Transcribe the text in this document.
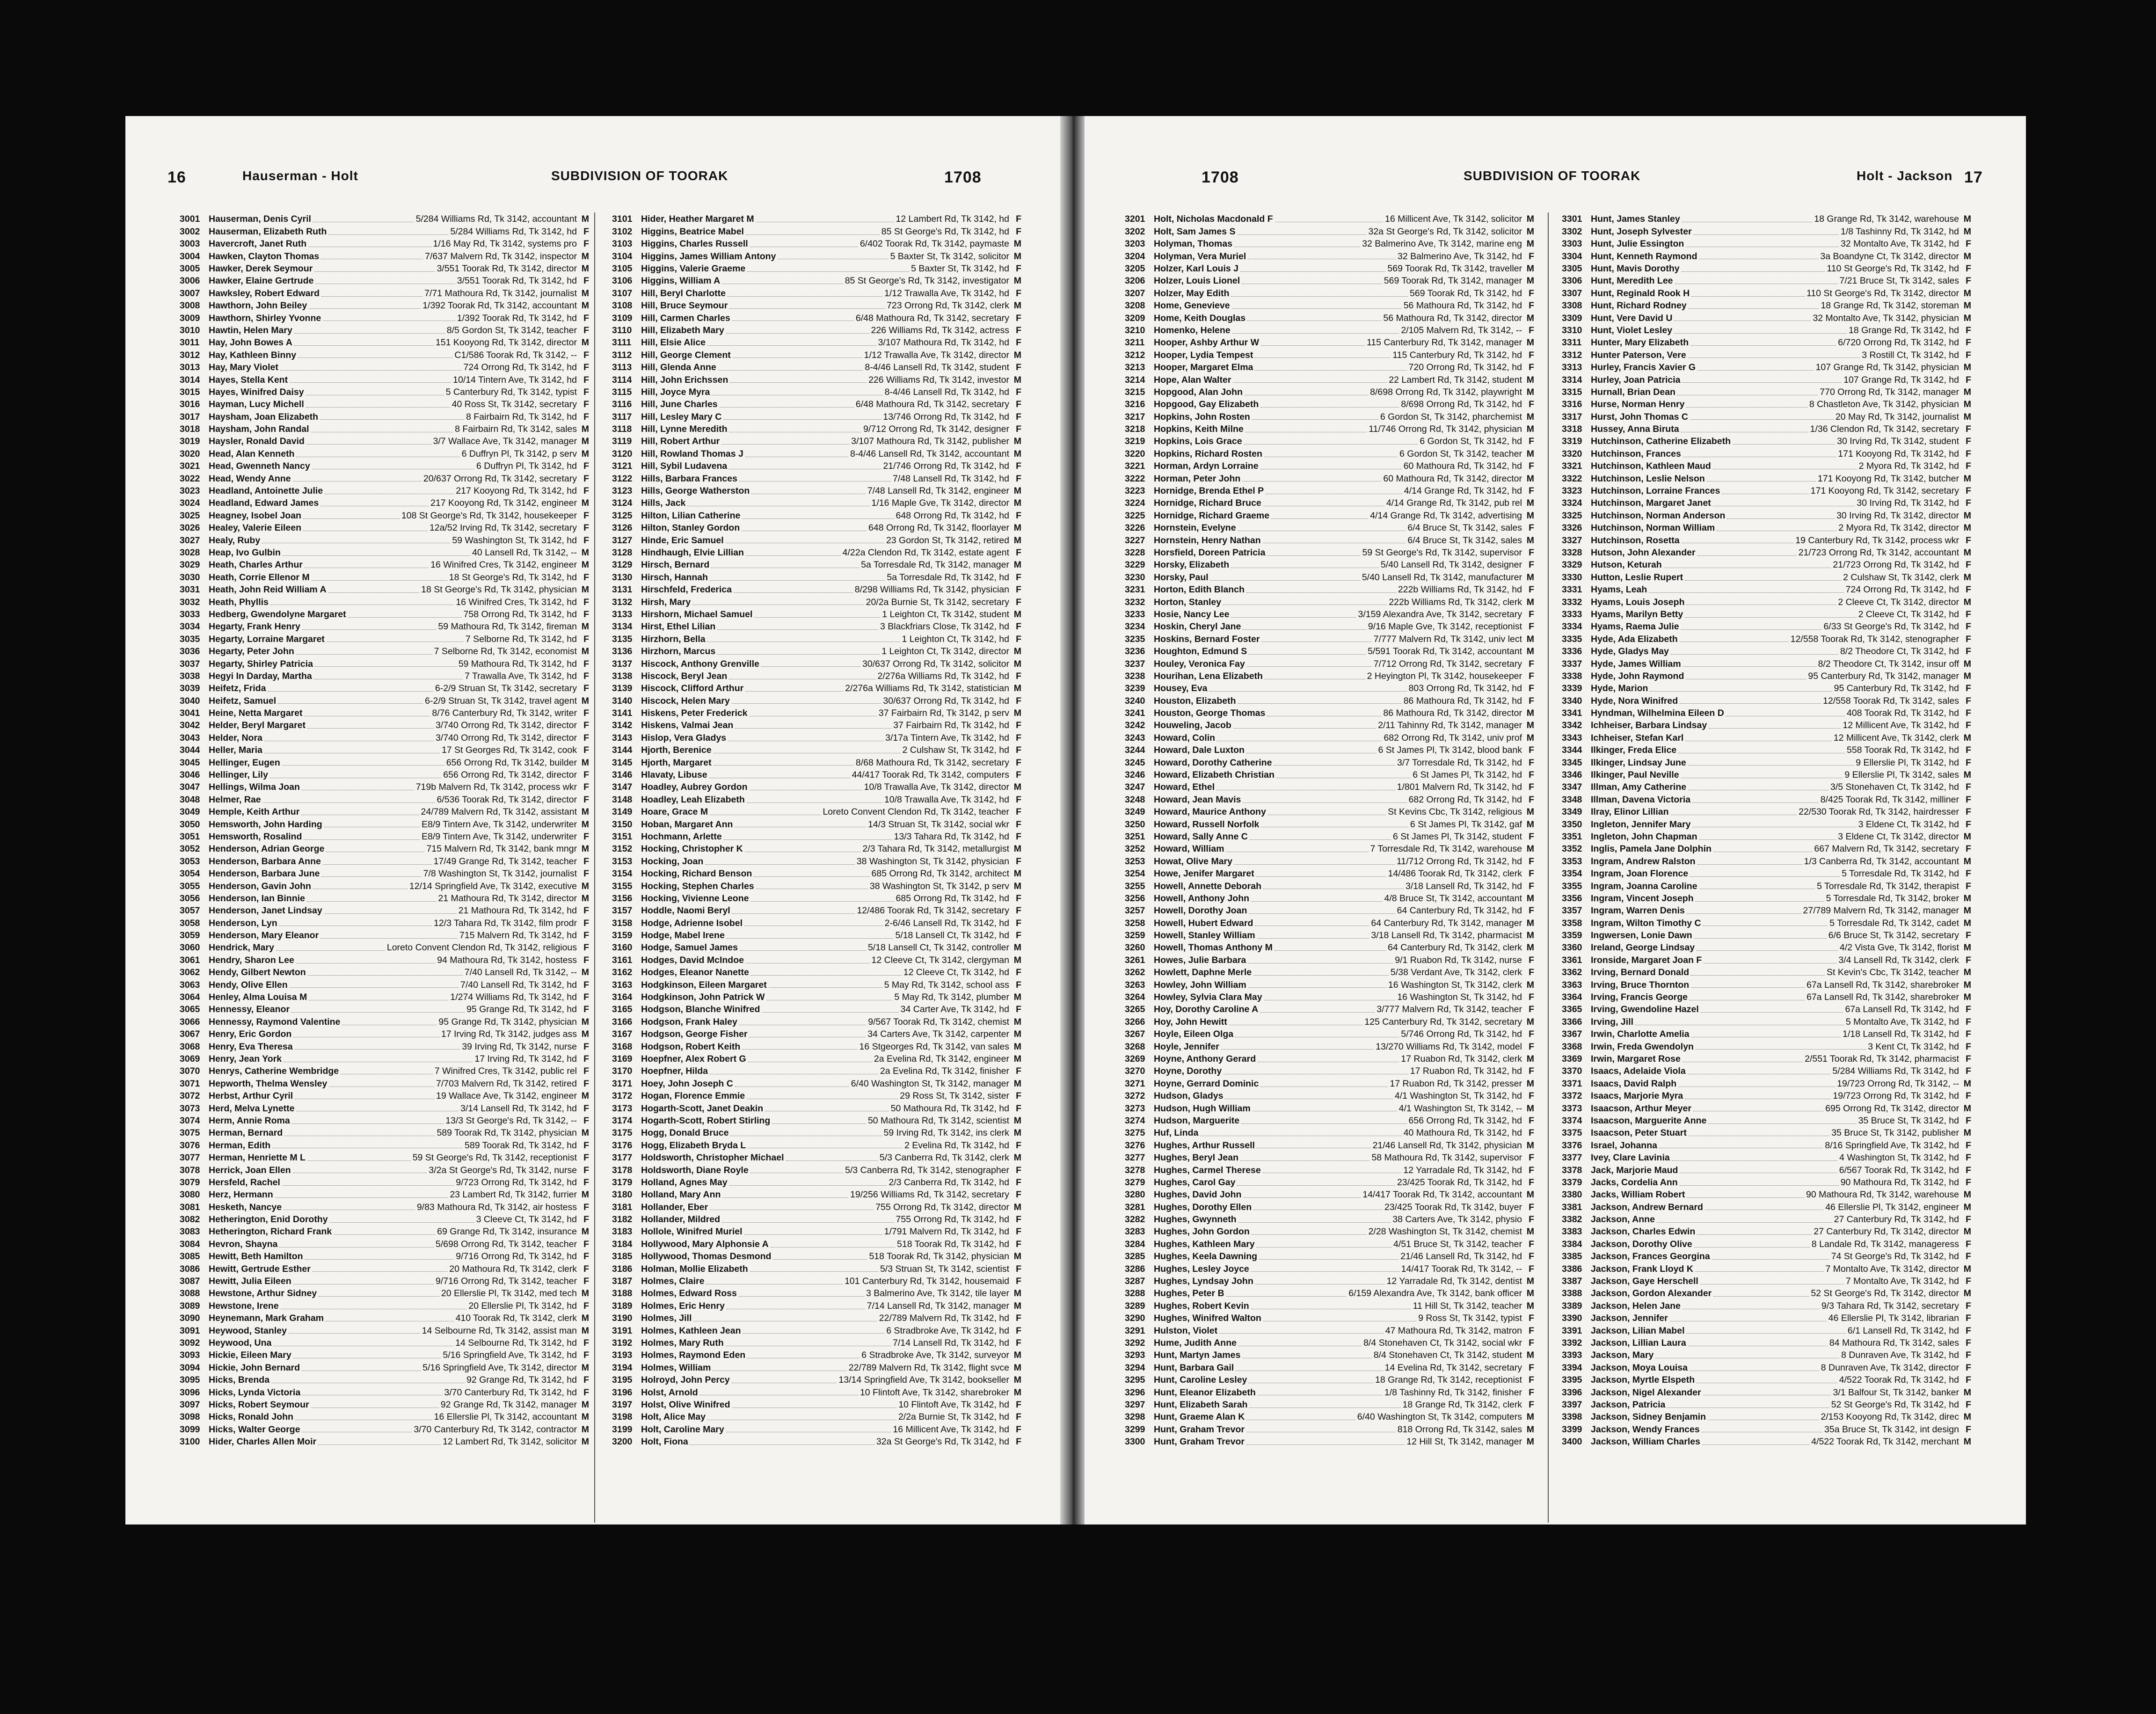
16	Hauserman - Holt	SUBDIVISION OF TOORAK	1708
3001 Hauserman, Denis Cyril	5/284 Williams Rd, Tk 3142, accountant M
3002 Hauserman, Elizabeth Ruth	5/284 Williams Rd, Tk 3142, hd F
3003 Havercroft, Janet Ruth	1/16 May Rd, Tk 3142, systems pro F
3004 Hawken, Clayton Thomas	7/637 Malvern Rd, Tk 3142, inspector M
3005 Hawker, Derek Seymour	3/551 Toorak Rd, Tk 3142, director M
3006 Hawker, Elaine Gertrude	3/551 Toorak Rd, Tk 3142, hd F
3007 Hawksley, Robert Edward	7/71 Mathoura Rd, Tk 3142, journalist M
3008 Hawthorn, John Beiley	1/392 Toorak Rd, Tk 3142, accountant M
3009 Hawthorn, Shirley Yvonne	1/392 Toorak Rd, Tk 3142, hd F
3010 Hawtin, Helen Mary	8/5 Gordon St, Tk 3142, teacher F
3011	Hay, John Bowes A	151 Kooyong Rd, Tk 3142, director M
3012 Hay, Kathleen Binny	C1/586 Toorak Rd, Tk 3142, -- F
3013 Hay, Mary Violet	724 Orrong Rd, Tk 3142, hd F
3014 Hayes, Stella Kent	10/14 Tintern Ave, Tk 3142, hd F
3015 Hayes, Winifred Daisy	5 Canterbury Rd, Tk 3142, typist F
3016 Hayman, Lucy Michell	40 Ross St, Tk 3142, secretary F
3017 Haysham, Joan Elizabeth	8 Fairbairn Rd, Tk 3142, hd F
3018 Haysham, John Randal	8 Fairbairn Rd, Tk 3142, sales M
3019 Haysler, Ronald David	3/7 Wallace Ave, Tk 3142, manager M
3020 Head, Alan Kenneth	6 Duffryn Pl, Tk 3142, p serv M
3021 Head, Gwenneth Nancy	6 Duffryn Pl, Tk 3142, hd F
3022 Head, Wendy Anne	20/637 Orrong Rd, Tk 3142, secretary F
3023 Headland, Antoinette Julie	217 Kooyong Rd, Tk 3142, hd F
3024 Headland, Edward James	217 Kooyong Rd, Tk 3142, engineer M
3025 Heagney, Isobel Joan	108 St George's Rd, Tk 3142, housekeeper F
3026 Healey, Valerie Eileen	12a/52 Irving Rd, Tk 3142, secretary F
3027 Healy, Ruby	59 Washington St, Tk 3142, hd F
3028 Heap, Ivo Gulbin	40 Lansell Rd, Tk 3142, -- M
3029 Heath, Charles Arthur	16 Winifred Cres, Tk 3142, engineer M
3030 Heath, Corrie Ellenor M	18 St George's Rd, Tk 3142, hd F
3031 Heath, John Reid William A	18 St George's Rd, Tk 3142, physician M
3032 Heath, Phyllis	16 Winifred Cres, Tk 3142, hd F
3033 Hedberg, Gwendolyne Margaret	758 Orrong Rd, Tk 3142, hd F
3034 Hegarty, Frank Henry	59 Mathoura Rd, Tk 3142, fireman M
3035 Hegarty, Lorraine Margaret	7 Selborne Rd, Tk 3142, hd F
3036 Hegarty, Peter John	7 Selborne Rd, Tk 3142, economist M
3037 Hegarty, Shirley Patricia	59 Mathoura Rd, Tk 3142, hd F
3038 Hegyi In Darday, Martha	7 Trawalla Ave, Tk 3142, hd F
3039 Heifetz, Frida	6-2/9 Struan St, Tk 3142, secretary F
3040 Heifetz, Samuel	6-2/9 Struan St, Tk 3142, travel agent M
3041 Heine, Netta Margaret	8/76 Canterbury Rd, Tk 3142, writer F
3042 Helder, Beryl Margaret	3/740 Orrong Rd, Tk 3142, director F
3043 Helder, Nora	3/740 Orrong Rd, Tk 3142, director F
3044 Heller, Maria	17 St Georges Rd, Tk 3142, cook F
3045 Hellinger, Eugen	656 Orrong Rd, Tk 3142, builder M
3046 Hellinger, Lily	656 Orrong Rd, Tk 3142, director F
3047 Hellings, Wilma Joan	719b Malvern Rd, Tk 3142, process wkr F
3048 Helmer, Rae	6/536 Toorak Rd, Tk 3142, director F
3049 Hemple, Keith Arthur	24/789 Malvern Rd, Tk 3142, assistant M
3050 Hemsworth, John Harding	E8/9 Tintern Ave, Tk 3142, underwriter M
3051 Hemsworth, Rosalind	E8/9 Tintern Ave, Tk 3142, underwriter F
3052 Henderson, Adrian George	715 Malvern Rd, Tk 3142, bank mngr M
3053 Henderson, Barbara Anne	17/49 Grange Rd, Tk 3142, teacher F
3054 Henderson, Barbara June	7/8 Washington St, Tk 3142, journalist F
3055 Henderson, Gavin John	12/14 Springfield Ave, Tk 3142, executive M
3056 Henderson, Ian Binnie	21 Mathoura Rd, Tk 3142, director M
3057 Henderson, Janet Lindsay	21 Mathoura Rd, Tk 3142, hd F
3058 Henderson, Lyn	12/3 Tahara Rd, Tk 3142, film prodr F
3059 Henderson, Mary Eleanor	715 Malvern Rd, Tk 3142, hd F
3060 Hendrick, Mary	Loreto Convent Clendon Rd, Tk 3142, religious F
3061 Hendry, Sharon Lee	94 Mathoura Rd, Tk 3142, hostess F
3062 Hendy, Gilbert Newton	7/40 Lansell Rd, Tk 3142, -- M
3063 Hendy, Olive Ellen	7/40 Lansell Rd, Tk 3142, hd F
3064 Henley, Alma Louisa M	1/274 Williams Rd, Tk 3142, hd F
3065 Hennessy, Eleanor	95 Grange Rd, Tk 3142, hd F
3066 Hennessy, Raymond Valentine	95 Grange Rd, Tk 3142, physician M
3067 Henry, Eric Gordon	17 Irving Rd, Tk 3142, judges ass M
3068 Henry, Eva Theresa	39 Irving Rd, Tk 3142, nurse F
3069 Henry, Jean York	17 Irving Rd, Tk 3142, hd F
3070 Henrys, Catherine Wembridge	7 Winifred Cres, Tk 3142, public rel F
3071 Hepworth, Thelma Wensley	7/703 Malvern Rd, Tk 3142, retired F
3072 Herbst, Arthur Cyril	19 Wallace Ave, Tk 3142, engineer M
3073 Herd, Melva Lynette	3/14 Lansell Rd, Tk 3142, hd F
3074 Herm, Annie Roma	13/3 St George's Rd, Tk 3142, -- F
3075 Herman, Bernard	589 Toorak Rd, Tk 3142, physician M
3076 Herman, Edith	589 Toorak Rd, Tk 3142, hd F
3077 Herman, Henriette M L	59 St George's Rd, Tk 3142, receptionist F
3078 Herrick, Joan Ellen	3/2a St George's Rd, Tk 3142, nurse F
3079 Hersfeld, Rachel	9/723 Orrong Rd, Tk 3142, hd F
3080 Herz, Hermann	23 Lambert Rd, Tk 3142, furrier M
3081 Hesketh, Nancye	9/83 Mathoura Rd, Tk 3142, air hostess F
3082 Hetherington, Enid Dorothy	3 Cleeve Ct, Tk 3142, hd F
3083 Hetherington, Richard Frank	69 Grange Rd, Tk 3142, insurance M
3084 Hevron, Shayna	5/698 Orrong Rd, Tk 3142, teacher F
3085 Hewitt, Beth Hamilton	9/716 Orrong Rd, Tk 3142, hd F
3086 Hewitt, Gertrude Esther	20 Mathoura Rd, Tk 3142, clerk F
3087 Hewitt, Julia Eileen	9/716 Orrong Rd, Tk 3142, teacher F
3088 Hewstone, Arthur Sidney	20 Ellerslie Pl, Tk 3142, med tech M
3089 Hewstone, Irene	20 Ellerslie Pl, Tk 3142, hd F
3090 Heynemann, Mark Graham	410 Toorak Rd, Tk 3142, clerk M
3091 Heywood, Stanley	14 Selbourne Rd, Tk 3142, assist man M
3092 Heywood, Una	14 Selbourne Rd, Tk 3142, hd F
3093 Hickie, Eileen Mary	5/16 Springfield Ave, Tk 3142, hd F
3094 Hickie, John Bernard	5/16 Springfield Ave, Tk 3142, director M
3095 Hicks, Brenda	92 Grange Rd, Tk 3142, hd F
3096 Hicks, Lynda Victoria	3/70 Canterbury Rd, Tk 3142, hd F
3097 Hicks, Robert Seymour	92 Grange Rd, Tk 3142, manager M
3098 Hicks, Ronald John	16 Ellerslie Pl, Tk 3142, accountant M
3099 Hicks, Walter George	3/70 Canterbury Rd, Tk 3142, contractor M
3100 Hider, Charles Allen Moir	12 Lambert Rd, Tk 3142, solicitor M
3101 Hider, Heather Margaret M	12 Lambert Rd, Tk 3142, hd F
3102 Higgins, Beatrice Mabel	85 St George's Rd, Tk 3142, hd F
3103 Higgins, Charles Russell	6/402 Toorak Rd, Tk 3142, paymaste M
3104 Higgins, James William Antony	5 Baxter St, Tk 3142, solicitor M
3105 Higgins, Valerie Graeme	5 Baxter St, Tk 3142, hd F
3106 Higgins, William A	85 St George's Rd, Tk 3142, investigator M
3107 Hill, Beryl Charlotte	1/12 Trawalla Ave, Tk 3142, hd F
3108 Hill, Bruce Seymour	723 Orrong Rd, Tk 3142, clerk M
3109 Hill, Carmen Charles	6/48 Mathoura Rd, Tk 3142, secretary F
3110	Hill, Elizabeth Mary	226 Williams Rd, Tk 3142, actress F
3111	Hill, Elsie Alice	3/107 Mathoura Rd, Tk 3142, hd F
3112	Hill, George Clement	1/12 Trawalla Ave, Tk 3142, director M
3113	Hill, Glenda Anne	8-4/46 Lansell Rd, Tk 3142, student F
3114	Hill, John Erichssen	226 Williams Rd, Tk 3142, investor M
3115	Hill, Joyce Myra	8-4/46 Lansell Rd, Tk 3142, hd F
3116	Hill, June Charles	6/48 Mathoura Rd, Tk 3142, secretary F
3117	Hill, Lesley Mary C	13/746 Orrong Rd, Tk 3142, hd F
3118	Hill, Lynne Meredith	9/712 Orrong Rd, Tk 3142, designer F
3119	Hill, Robert Arthur	3/107 Mathoura Rd, Tk 3142, publisher M
3120 Hill, Rowland Thomas J	8-4/46 Lansell Rd, Tk 3142, accountant M
3121 Hill, Sybil Ludavena	21/746 Orrong Rd, Tk 3142, hd F
3122 Hills, Barbara Frances	7/48 Lansell Rd, Tk 3142, hd F
3123 Hills, George Watherston	7/48 Lansell Rd, Tk 3142, engineer M
3124 Hills, Jack	1/16 Maple Gve, Tk 3142, director M
3125 Hilton, Lilian Catherine	648 Orrong Rd, Tk 3142, hd F
3126 Hilton, Stanley Gordon	648 Orrong Rd, Tk 3142, floorlayer M
3127 Hinde, Eric Samuel	23 Gordon St, Tk 3142, retired M
3128 Hindhaugh, Elvie Lillian	4/22a Clendon Rd, Tk 3142, estate agent F
3129 Hirsch, Bernard	5a Torresdale Rd, Tk 3142, manager M
3130 Hirsch, Hannah	5a Torresdale Rd, Tk 3142, hd F
3131 Hirschfeld, Frederica	8/298 Williams Rd, Tk 3142, physician F
3132 Hirsh, Mary	20/2a Burnie St, Tk 3142, secretary F
3133 Hirshorn, Michael Samuel	1 Leighton Ct, Tk 3142, student M
3134 Hirst, Ethel Lilian	3 Blackfriars Close, Tk 3142, hd F
3135 Hirzhorn, Bella	1 Leighton Ct, Tk 3142, hd F
3136 Hirzhorn, Marcus	1 Leighton Ct, Tk 3142, director M
3137 Hiscock, Anthony Grenville	30/637 Orrong Rd, Tk 3142, solicitor M
3138 Hiscock, Beryl Jean	2/276a Williams Rd, Tk 3142, hd F
3139 Hiscock, Clifford Arthur	2/276a Williams Rd, Tk 3142, statistician M
3140 Hiscock, Helen Mary	30/637 Orrong Rd, Tk 3142, hd F
3141 Hiskens, Peter Frederick	37 Fairbairn Rd, Tk 3142, p serv M
3142 Hiskens, Valmai Jean	37 Fairbairn Rd, Tk 3142, hd F
3143 Hislop, Vera Gladys	3/17a Tintern Ave, Tk 3142, hd F
3144 Hjorth, Berenice	2 Culshaw St, Tk 3142, hd F
3145 Hjorth, Margaret	8/68 Mathoura Rd, Tk 3142, secretary F
3146 Hlavaty, Libuse	44/417 Toorak Rd, Tk 3142, computers F
3147 Hoadley, Aubrey Gordon	10/8 Trawalla Ave, Tk 3142, director M
3148 Hoadley, Leah Elizabeth	10/8 Trawalla Ave, Tk 3142, hd F
3149 Hoare, Grace M	Loreto Convent Clendon Rd, Tk 3142, teacher F
3150 Hoban, Margaret Ann	14/3 Struan St, Tk 3142, social wkr F
3151 Hochmann, Arlette	13/3 Tahara Rd, Tk 3142, hd F
3152 Hocking, Christopher K	2/3 Tahara Rd, Tk 3142, metallurgist M
3153 Hocking, Joan	38 Washington St, Tk 3142, physician F
3154 Hocking, Richard Benson	685 Orrong Rd, Tk 3142, architect M
3155 Hocking, Stephen Charles	38 Washington St, Tk 3142, p serv M
3156 Hocking, Vivienne Leone	685 Orrong Rd, Tk 3142, hd F
3157 Hoddle, Naomi Beryl	12/486 Toorak Rd, Tk 3142, secretary F
3158 Hodge, Adrienne Isobel	2-6/46 Lansell Rd, Tk 3142, hd F
3159 Hodge, Mabel Irene	5/18 Lansell Ct, Tk 3142, hd F
3160 Hodge, Samuel James	5/18 Lansell Ct, Tk 3142, controller M
3161 Hodges, David McIndoe	12 Cleeve Ct, Tk 3142, clergyman M
3162 Hodges, Eleanor Nanette	12 Cleeve Ct, Tk 3142, hd F
3163 Hodgkinson, Eileen Margaret	5 May Rd, Tk 3142, school ass F
3164 Hodgkinson, John Patrick W	5 May Rd, Tk 3142, plumber M
3165 Hodgson, Blanche Winifred	34 Carter Ave, Tk 3142, hd F
3166 Hodgson, Frank Haley	9/567 Toorak Rd, Tk 3142, chemist M
3167 Hodgson, George Fisher	34 Carters Ave, Tk 3142, carpenter M
3168 Hodgson, Robert Keith	16 Stgeorges Rd, Tk 3142, van sales M
3169 Hoepfner, Alex Robert G	2a Evelina Rd, Tk 3142, engineer M
3170 Hoepfner, Hilda	2a Evelina Rd, Tk 3142, finisher F
3171 Hoey, John Joseph C	6/40 Washington St, Tk 3142, manager M
3172 Hogan, Florence Emmie	29 Ross St, Tk 3142, sister F
3173 Hogarth-Scott, Janet Deakin	50 Mathoura Rd, Tk 3142, hd F
3174 Hogarth-Scott, Robert Stirling	50 Mathoura Rd, Tk 3142, scientist M
3175 Hogg, Donald Bruce	59 Irving Rd, Tk 3142, ins clerk M
3176 Hogg, Elizabeth Bryda L	2 Evelina Rd, Tk 3142, hd F
3177 Holdsworth, Christopher Michael	5/3 Canberra Rd, Tk 3142, clerk M
3178 Holdsworth, Diane Royle	5/3 Canberra Rd, Tk 3142, stenographer F
3179 Holland, Agnes May	2/3 Canberra Rd, Tk 3142, hd F
3180 Holland, Mary Ann	19/256 Williams Rd, Tk 3142, secretary F
3181 Hollander, Eber	755 Orrong Rd, Tk 3142, director M
3182 Hollander, Mildred	755 Orrong Rd, Tk 3142, hd F
3183 Hollole, Winifred Muriel	1/791 Malvern Rd, Tk 3142, hd F
3184 Hollywood, Mary Alphonsie A	518 Toorak Rd, Tk 3142, hd F
3185 Hollywood, Thomas Desmond	518 Toorak Rd, Tk 3142, physician M
3186 Holman, Mollie Elizabeth	5/3 Struan St, Tk 3142, scientist F
3187 Holmes, Claire	101 Canterbury Rd, Tk 3142, housemaid F
3188 Holmes, Edward Ross	3 Balmerino Ave, Tk 3142, tile layer M
3189 Holmes, Eric Henry	7/14 Lansell Rd, Tk 3142, manager M
3190 Holmes, Jill	22/789 Malvern Rd, Tk 3142, hd F
3191 Holmes, Kathleen Jean	6 Stradbroke Ave, Tk 3142, hd F
3192 Holmes, Mary Ruth	7/14 Lansell Rd, Tk 3142, hd F
3193 Holmes, Raymond Eden	6 Stradbroke Ave, Tk 3142, surveyor M
3194 Holmes, William	22/789 Malvern Rd, Tk 3142, flight svce M
3195 Holroyd, John Percy	13/14 Springfield Ave, Tk 3142, bookseller M
3196 Holst, Arnold	10 Flintoft Ave, Tk 3142, sharebroker M
3197 Holst, Olive Winifred	10 Flintoft Ave, Tk 3142, hd F
3198 Holt, Alice May	2/2a Burnie St, Tk 3142, hd F
3199 Holt, Caroline Mary	16 Millicent Ave, Tk 3142, hd F
3200 Holt, Fiona	32a St George's Rd, Tk 3142, hd F
1708	SUBDIVISION OF TOORAK	Holt - Jackson 17
3201 Holt, Nicholas Macdonald F	16 Millicent Ave, Tk 3142, solicitor M
3202 Holt, Sam James S	32a St George's Rd, Tk 3142, solicitor M
3203 Holyman, Thomas	32 Balmerino Ave, Tk 3142, marine eng M
3204 Holyman, Vera Muriel	32 Balmerino Ave, Tk 3142, hd F
3205 Holzer, Karl Louis J	569 Toorak Rd, Tk 3142, traveller M
3206 Holzer, Louis Lionel	569 Toorak Rd, Tk 3142, manager M
3207 Holzer, May Edith	569 Toorak Rd, Tk 3142, hd F
3208 Home, Genevieve	56 Mathoura Rd, Tk 3142, hd F
3209 Home, Keith Douglas	56 Mathoura Rd, Tk 3142, director M
3210 Homenko, Helene	2/105 Malvern Rd, Tk 3142, -- F
3211	Hooper, Ashby Arthur W	115 Canterbury Rd, Tk 3142, manager M
3212 Hooper, Lydia Tempest	115 Canterbury Rd, Tk 3142, hd F
3213 Hooper, Margaret Elma	720 Orrong Rd, Tk 3142, hd F
3214 Hope, Alan Walter	22 Lambert Rd, Tk 3142, student M
3215 Hopgood, Alan John	8/698 Orrong Rd, Tk 3142, playwright M
3216 Hopgood, Gay Elizabeth	8/698 Orrong Rd, Tk 3142, hd F
3217 Hopkins, John Rosten	6 Gordon St, Tk 3142, pharchemist M
3218 Hopkins, Keith Milne	11/746 Orrong Rd, Tk 3142, physician M
3219 Hopkins, Lois Grace	6 Gordon St, Tk 3142, hd F
3220 Hopkins, Richard Rosten	6 Gordon St, Tk 3142, teacher M
3221 Horman, Ardyn Lorraine	60 Mathoura Rd, Tk 3142, hd F
3222 Horman, Peter John	60 Mathoura Rd, Tk 3142, director M
3223 Hornidge, Brenda Ethel P	4/14 Grange Rd, Tk 3142, hd F
3224 Hornidge, Richard Bruce	4/14 Grange Rd, Tk 3142, pub rel M
3225 Hornidge, Richard Graeme	4/14 Grange Rd, Tk 3142, advertising M
3226 Hornstein, Evelyne	6/4 Bruce St, Tk 3142, sales F
3227 Hornstein, Henry Nathan	6/4 Bruce St, Tk 3142, sales M
3228 Horsfield, Doreen Patricia	59 St George's Rd, Tk 3142, supervisor F
3229 Horsky, Elizabeth	5/40 Lansell Rd, Tk 3142, designer F
3230 Horsky, Paul	5/40 Lansell Rd, Tk 3142, manufacturer M
3231 Horton, Edith Blanch	222b Williams Rd, Tk 3142, hd F
3232 Horton, Stanley	222b Williams Rd, Tk 3142, clerk M
3233 Hosie, Nancy Lee	3/159 Alexandra Ave, Tk 3142, secretary F
3234 Hoskin, Cheryl Jane	9/16 Maple Gve, Tk 3142, receptionist F
3235 Hoskins, Bernard Foster	7/777 Malvern Rd, Tk 3142, univ lect M
3236 Houghton, Edmund S	5/591 Toorak Rd, Tk 3142, accountant M
3237 Houley, Veronica Fay	7/712 Orrong Rd, Tk 3142, secretary F
3238 Hourihan, Lena Elizabeth	2 Heyington Pl, Tk 3142, housekeeper F
3239 Housey, Eva	803 Orrong Rd, Tk 3142, hd F
3240 Houston, Elizabeth	86 Mathoura Rd, Tk 3142, hd F
3241 Houston, George Thomas	86 Mathoura Rd, Tk 3142, director M
3242 Houweling, Jacob	2/11 Tahinny Rd, Tk 3142, manager M
3243 Howard, Colin	682 Orrong Rd, Tk 3142, univ prof M
3244 Howard, Dale Luxton	6 St James Pl, Tk 3142, blood bank F
3245 Howard, Dorothy Catherine	3/7 Torresdale Rd, Tk 3142, hd F
3246 Howard, Elizabeth Christian	6 St James Pl, Tk 3142, hd F
3247 Howard, Ethel	1/801 Malvern Rd, Tk 3142, hd F
3248 Howard, Jean Mavis	682 Orrong Rd, Tk 3142, hd F
3249 Howard, Maurice Anthony	St Kevins Cbc, Tk 3142, religious M
3250 Howard, Russell Norfolk	6 St James Pl, Tk 3142, gaf M
3251 Howard, Sally Anne C	6 St James Pl, Tk 3142, student F
3252 Howard, William	7 Torresdale Rd, Tk 3142, warehouse M
3253 Howat, Olive Mary	11/712 Orrong Rd, Tk 3142, hd F
3254 Howe, Jenifer Margaret	14/486 Toorak Rd, Tk 3142, clerk F
3255 Howell, Annette Deborah	3/18 Lansell Rd, Tk 3142, hd F
3256 Howell, Anthony John	4/8 Bruce St, Tk 3142, accountant M
3257 Howell, Dorothy Joan	64 Canterbury Rd, Tk 3142, hd F
3258 Howell, Hubert Edward	64 Canterbury Rd, Tk 3142, manager M
3259 Howell, Stanley William	3/18 Lansell Rd, Tk 3142, pharmacist M
3260 Howell, Thomas Anthony M	64 Canterbury Rd, Tk 3142, clerk M
3261 Howes, Julie Barbara	9/1 Ruabon Rd, Tk 3142, nurse F
3262 Howlett, Daphne Merle	5/38 Verdant Ave, Tk 3142, clerk F
3263 Howley, John William	16 Washington St, Tk 3142, clerk M
3264 Howley, Sylvia Clara May	16 Washington St, Tk 3142, hd F
3265 Hoy, Dorothy Caroline A	3/777 Malvern Rd, Tk 3142, teacher F
3266 Hoy, John Hewitt	125 Canterbury Rd, Tk 3142, secretary M
3267 Hoyle, Eileen Olga	5/746 Orrong Rd, Tk 3142, hd F
3268 Hoyle, Jennifer	13/270 Williams Rd, Tk 3142, model F
3269 Hoyne, Anthony Gerard	17 Ruabon Rd, Tk 3142, clerk M
3270 Hoyne, Dorothy	17 Ruabon Rd, Tk 3142, hd F
3271 Hoyne, Gerrard Dominic	17 Ruabon Rd, Tk 3142, presser M
3272 Hudson, Gladys	4/1 Washington St, Tk 3142, hd F
3273 Hudson, Hugh William	4/1 Washington St, Tk 3142, -- M
3274 Hudson, Marguerite	656 Orrong Rd, Tk 3142, hd F
3275 Huf, Linda	40 Mathoura Rd, Tk 3142, hd F
3276 Hughes, Arthur Russell	21/46 Lansell Rd, Tk 3142, physician M
3277 Hughes, Beryl Jean	58 Mathoura Rd, Tk 3142, supervisor F
3278 Hughes, Carmel Therese	12 Yarradale Rd, Tk 3142, hd F
3279 Hughes, Carol Gay	23/425 Toorak Rd, Tk 3142, hd F
3280 Hughes, David John	14/417 Toorak Rd, Tk 3142, accountant M
3281 Hughes, Dorothy Ellen	23/425 Toorak Rd, Tk 3142, buyer F
3282 Hughes, Gwynneth	38 Carters Ave, Tk 3142, physio F
3283 Hughes, John Gordon	2/28 Washington St, Tk 3142, chemist M
3284 Hughes, Kathleen Mary	4/51 Bruce St, Tk 3142, teacher F
3285 Hughes, Keela Dawning	21/46 Lansell Rd, Tk 3142, hd F
3286 Hughes, Lesley Joyce	14/417 Toorak Rd, Tk 3142, -- F
3287 Hughes, Lyndsay John	12 Yarradale Rd, Tk 3142, dentist M
3288 Hughes, Peter B	6/159 Alexandra Ave, Tk 3142, bank officer M
3289 Hughes, Robert Kevin	11 Hill St, Tk 3142, teacher M
3290 Hughes, Winifred Walton	9 Ross St, Tk 3142, typist F
3291 Hulston, Violet	47 Mathoura Rd, Tk 3142, matron F
3292 Hume, Judith Anne	8/4 Stonehaven Ct, Tk 3142, social wkr F
3293 Hunt, Martyn James	8/4 Stonehaven Ct, Tk 3142, student M
3294 Hunt, Barbara Gail	14 Evelina Rd, Tk 3142, secretary F
3295 Hunt, Caroline Lesley	18 Grange Rd, Tk 3142, receptionist F
3296 Hunt, Eleanor Elizabeth	1/8 Tashinny Rd, Tk 3142, finisher F
3297 Hunt, Elizabeth Sarah	18 Grange Rd, Tk 3142, clerk F
3298 Hunt, Graeme Alan K	6/40 Washington St, Tk 3142, computers M
3299 Hunt, Graham Trevor	818 Orrong Rd, Tk 3142, sales M
3300 Hunt, Graham Trevor	12 Hill St, Tk 3142, manager M
3301 Hunt, James Stanley	18 Grange Rd, Tk 3142, warehouse M
3302 Hunt, Joseph Sylvester	1/8 Tashinny Rd, Tk 3142, hd M
3303 Hunt, Julie Essington	32 Montalto Ave, Tk 3142, hd F
3304 Hunt, Kenneth Raymond	3a Boandyne Ct, Tk 3142, director M
3305 Hunt, Mavis Dorothy	110 St George's Rd, Tk 3142, hd F
3306 Hunt, Meredith Lee	7/21 Bruce St, Tk 3142, sales F
3307 Hunt, Reginald Rook H	110 St George's Rd, Tk 3142, director M
3308 Hunt, Richard Rodney	18 Grange Rd, Tk 3142, storeman M
3309 Hunt, Vere David U	32 Montalto Ave, Tk 3142, physician M
3310 Hunt, Violet Lesley	18 Grange Rd, Tk 3142, hd F
3311	Hunter, Mary Elizabeth	6/720 Orrong Rd, Tk 3142, hd F
3312 Hunter Paterson, Vere	3 Rostill Ct, Tk 3142, hd F
3313 Hurley, Francis Xavier G	107 Grange Rd, Tk 3142, physician M
3314 Hurley, Joan Patricia	107 Grange Rd, Tk 3142, hd F
3315 Hurnall, Brian Dean	770 Orrong Rd, Tk 3142, manager M
3316 Hurse, Norman Henry	8 Chastleton Ave, Tk 3142, physician M
3317 Hurst, John Thomas C	20 May Rd, Tk 3142, journalist M
3318 Hussey, Anna Biruta	1/36 Clendon Rd, Tk 3142, secretary F
3319 Hutchinson, Catherine Elizabeth	30 Irving Rd, Tk 3142, student F
3320 Hutchinson, Frances	171 Kooyong Rd, Tk 3142, hd F
3321 Hutchinson, Kathleen Maud	2 Myora Rd, Tk 3142, hd F
3322 Hutchinson, Leslie Nelson	171 Kooyong Rd, Tk 3142, butcher M
3323 Hutchinson, Lorraine Frances	171 Kooyong Rd, Tk 3142, secretary F
3324 Hutchinson, Margaret Janet	30 Irving Rd, Tk 3142, hd F
3325 Hutchinson, Norman Anderson	30 Irving Rd, Tk 3142, director M
3326 Hutchinson, Norman William	2 Myora Rd, Tk 3142, director M
3327 Hutchinson, Rosetta	19 Canterbury Rd, Tk 3142, process wkr F
3328 Hutson, John Alexander	21/723 Orrong Rd, Tk 3142, accountant M
3329 Hutson, Keturah	21/723 Orrong Rd, Tk 3142, hd F
3330 Hutton, Leslie Rupert	2 Culshaw St, Tk 3142, clerk M
3331 Hyams, Leah	724 Orrong Rd, Tk 3142, hd F
3332 Hyams, Louis Joseph	2 Cleeve Ct, Tk 3142, director M
3333 Hyams, Marilyn Betty	2 Cleeve Ct, Tk 3142, hd F
3334 Hyams, Raema Julie	6/33 St George's Rd, Tk 3142, hd F
3335 Hyde, Ada Elizabeth	12/558 Toorak Rd, Tk 3142, stenographer F
3336 Hyde, Gladys May	8/2 Theodore Ct, Tk 3142, hd F
3337 Hyde, James William	8/2 Theodore Ct, Tk 3142, insur off M
3338 Hyde, John Raymond	95 Canterbury Rd, Tk 3142, manager M
3339 Hyde, Marion	95 Canterbury Rd, Tk 3142, hd F
3340 Hyde, Nora Winifred	12/558 Toorak Rd, Tk 3142, sales F
3341 Hyndman, Wilhelmina Eileen D	408 Toorak Rd, Tk 3142, hd F
3342 Ichheiser, Barbara Lindsay	12 Millicent Ave, Tk 3142, hd F
3343 Ichheiser, Stefan Karl	12 Millicent Ave, Tk 3142, clerk M
3344 Ilkinger, Freda Elice	558 Toorak Rd, Tk 3142, hd F
3345 Ilkinger, Lindsay June	9 Ellerslie Pl, Tk 3142, hd F
3346 Ilkinger, Paul Neville	9 Ellerslie Pl, Tk 3142, sales M
3347 Illman, Amy Catherine	3/5 Stonehaven Ct, Tk 3142, hd F
3348 Illman, Davena Victoria	8/425 Toorak Rd, Tk 3142, milliner F
3349 Ilray, Elinor Lillian	22/530 Toorak Rd, Tk 3142, hairdresser F
3350 Ingleton, Jennifer Mary	3 Eldene Ct, Tk 3142, hd F
3351 Ingleton, John Chapman	3 Eldene Ct, Tk 3142, director M
3352 Inglis, Pamela Jane Dolphin	667 Malvern Rd, Tk 3142, secretary F
3353 Ingram, Andrew Ralston	1/3 Canberra Rd, Tk 3142, accountant M
3354 Ingram, Joan Florence	5 Torresdale Rd, Tk 3142, hd F
3355 Ingram, Joanna Caroline	5 Torresdale Rd, Tk 3142, therapist F
3356 Ingram, Vincent Joseph	5 Torresdale Rd, Tk 3142, broker M
3357 Ingram, Warren Denis	27/789 Malvern Rd, Tk 3142, manager M
3358 Ingram, Wilton Timothy C	5 Torresdale Rd, Tk 3142, cadet M
3359 Ingwersen, Lonie Dawn	6/6 Bruce St, Tk 3142, secretary F
3360 Ireland, George Lindsay	4/2 Vista Gve, Tk 3142, florist M
3361 Ironside, Margaret Joan F	3/4 Lansell Rd, Tk 3142, clerk F
3362 Irving, Bernard Donald	St Kevin's Cbc, Tk 3142, teacher M
3363 Irving, Bruce Thornton	67a Lansell Rd, Tk 3142, sharebroker M
3364 Irving, Francis George	67a Lansell Rd, Tk 3142, sharebroker M
3365 Irving, Gwendoline Hazel	67a Lansell Rd, Tk 3142, hd F
3366 Irving, Jill	5 Montalto Ave, Tk 3142, hd F
3367 Irwin, Charlotte Amelia	1/18 Lansell Rd, Tk 3142, hd F
3368 Irwin, Freda Gwendolyn	3 Kent Ct, Tk 3142, hd F
3369 Irwin, Margaret Rose	2/551 Toorak Rd, Tk 3142, pharmacist F
3370 Isaacs, Adelaide Viola	5/284 Williams Rd, Tk 3142, hd F
3371 Isaacs, David Ralph	19/723 Orrong Rd, Tk 3142, -- M
3372 Isaacs, Marjorie Myra	19/723 Orrong Rd, Tk 3142, hd F
3373 Isaacson, Arthur Meyer	695 Orrong Rd, Tk 3142, director M
3374 Isaacson, Marguerite Anne	35 Bruce St, Tk 3142, hd F
3375 Isaacson, Peter Stuart	35 Bruce St, Tk 3142, publisher M
3376 Israel, Johanna	8/16 Springfield Ave, Tk 3142, hd F
3377 Ivey, Clare Lavinia	4 Washington St, Tk 3142, hd F
3378 Jack, Marjorie Maud	6/567 Toorak Rd, Tk 3142, hd F
3379 Jacks, Cordelia Ann	90 Mathoura Rd, Tk 3142, hd F
3380 Jacks, William Robert	90 Mathoura Rd, Tk 3142, warehouse M
3381 Jackson, Andrew Bernard	46 Ellerslie Pl, Tk 3142, engineer M
3382 Jackson, Anne	27 Canterbury Rd, Tk 3142, hd F
3383 Jackson, Charles Edwin	27 Canterbury Rd, Tk 3142, director M
3384 Jackson, Dorothy Olive	8 Landale Rd, Tk 3142, manageress F
3385 Jackson, Frances Georgina	74 St George's Rd, Tk 3142, hd F
3386 Jackson, Frank Lloyd K	7 Montalto Ave, Tk 3142, director M
3387 Jackson, Gaye Herschell	7 Montalto Ave, Tk 3142, hd F
3388 Jackson, Gordon Alexander	52 St George's Rd, Tk 3142, director M
3389 Jackson, Helen Jane	9/3 Tahara Rd, Tk 3142, secretary F
3390 Jackson, Jennifer	46 Ellerslie Pl, Tk 3142, librarian F
3391 Jackson, Lilian Mabel	6/1 Lansell Rd, Tk 3142, hd F
3392 Jackson, Lillian Laura	84 Mathoura Rd, Tk 3142, sales F
3393 Jackson, Mary	8 Dunraven Ave, Tk 3142, hd F
3394 Jackson, Moya Louisa	8 Dunraven Ave, Tk 3142, director F
3395 Jackson, Myrtle Elspeth	4/522 Toorak Rd, Tk 3142, hd F
3396 Jackson, Nigel Alexander	3/1 Balfour St, Tk 3142, banker M
3397 Jackson, Patricia	52 St George's Rd, Tk 3142, hd F
3398 Jackson, Sidney Benjamin	2/153 Kooyong Rd, Tk 3142, direc M
3399 Jackson, Wendy Frances	35a Bruce St, Tk 3142, int design F
3400 Jackson, William Charles	4/522 Toorak Rd, Tk 3142, merchant M
